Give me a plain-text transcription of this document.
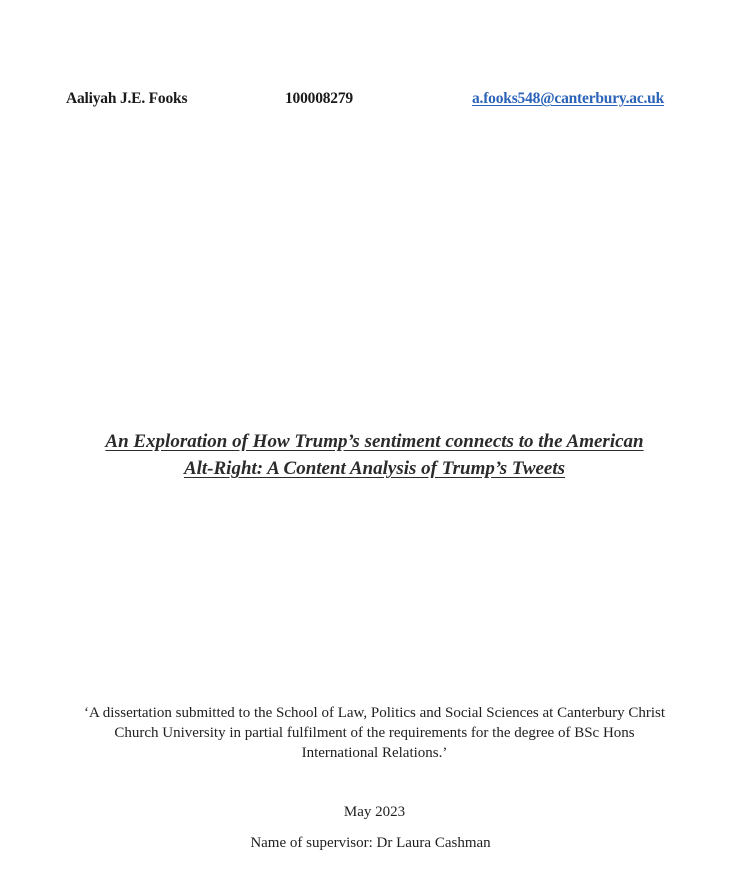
Aaliyah J.E. Fooks	100008279	a.fooks548@canterbury.ac.uk
An Exploration of How Trump’s sentiment connects to the American
Alt-Right: A Content Analysis of Trump’s Tweets
‘A dissertation submitted to the School of Law, Politics and Social Sciences at Canterbury Christ
Church University in partial fulfilment of the requirements for the degree of BSc Hons
International Relations.’
May 2023
Name of supervisor: Dr Laura Cashman
